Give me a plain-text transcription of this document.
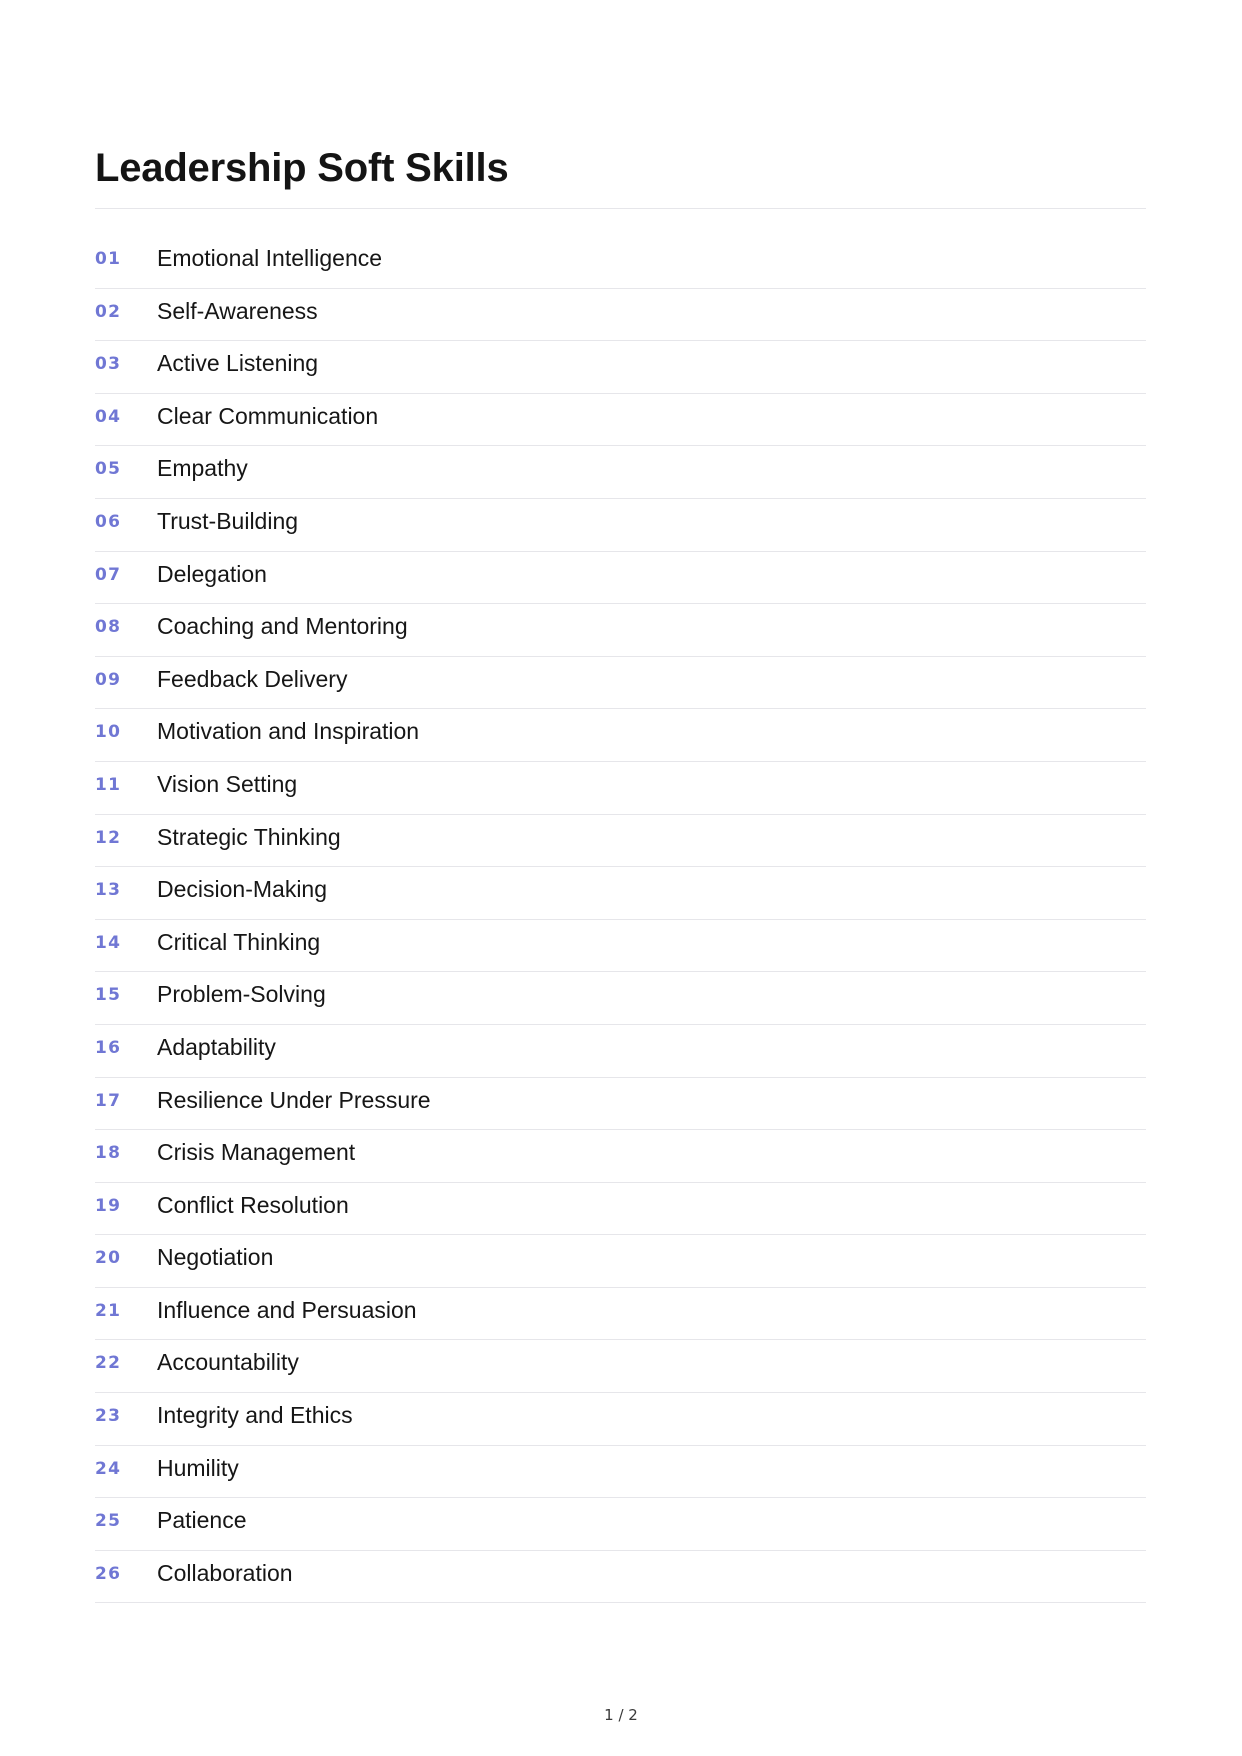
Leadership Soft Skills
01 Emotional Intelligence
02 Self-Awareness
03 Active Listening
04 Clear Communication
05 Empathy
06 Trust-Building
07 Delegation
08 Coaching and Mentoring
09 Feedback Delivery
10 Motivation and Inspiration
11 Vision Setting
12 Strategic Thinking
13 Decision-Making
14 Critical Thinking
15 Problem-Solving
16 Adaptability
17 Resilience Under Pressure
18 Crisis Management
19 Conflict Resolution
20 Negotiation
21 Influence and Persuasion
22 Accountability
23 Integrity and Ethics
24 Humility
25 Patience
26 Collaboration
1 / 2
